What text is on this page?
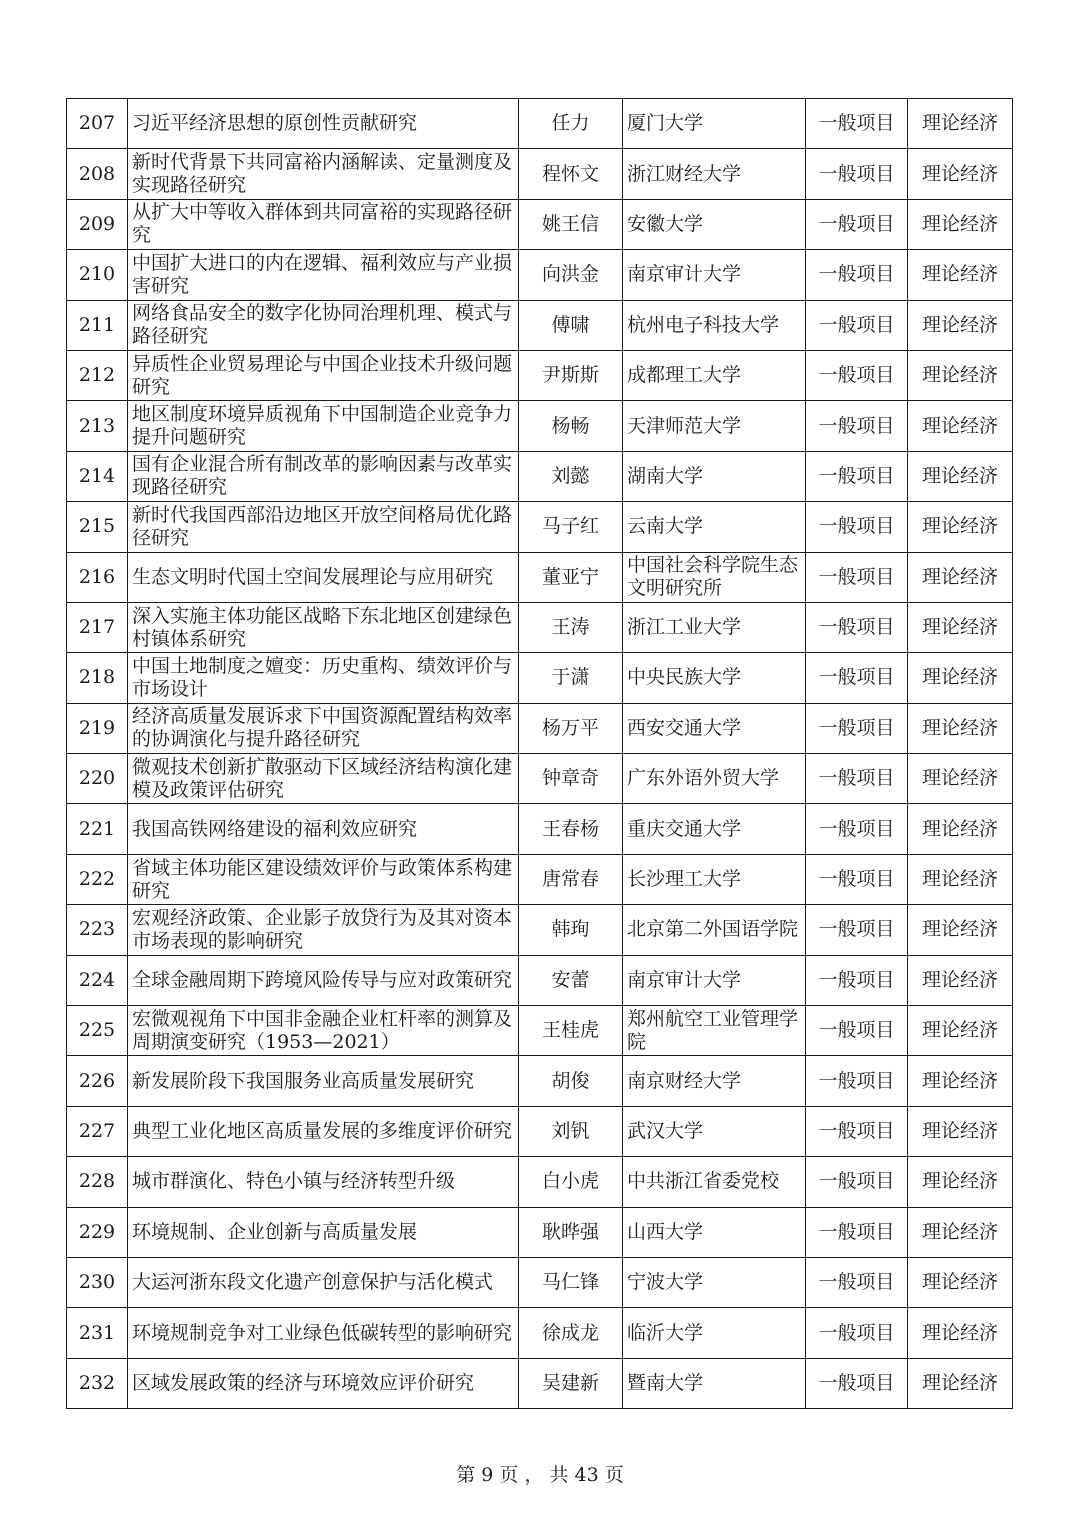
207	习近平经济思想的原创性贡献研究	任力	厦门大学	一般项目	理论经济
208	新时代背景下共同富裕内涵解读、定量测度及实现路径研究	程怀文	浙江财经大学	一般项目	理论经济
209	从扩大中等收入群体到共同富裕的实现路径研究	姚王信	安徽大学	一般项目	理论经济
210	中国扩大进口的内在逻辑、福利效应与产业损害研究	向洪金	南京审计大学	一般项目	理论经济
211	网络食品安全的数字化协同治理机理、模式与路径研究	傅啸	杭州电子科技大学	一般项目	理论经济
212	异质性企业贸易理论与中国企业技术升级问题研究	尹斯斯	成都理工大学	一般项目	理论经济
213	地区制度环境异质视角下中国制造企业竞争力提升问题研究	杨畅	天津师范大学	一般项目	理论经济
214	国有企业混合所有制改革的影响因素与改革实现路径研究	刘懿	湖南大学	一般项目	理论经济
215	新时代我国西部沿边地区开放空间格局优化路径研究	马子红	云南大学	一般项目	理论经济
216	生态文明时代国土空间发展理论与应用研究	董亚宁	中国社会科学院生态文明研究所	一般项目	理论经济
217	深入实施主体功能区战略下东北地区创建绿色村镇体系研究	王涛	浙江工业大学	一般项目	理论经济
218	中国土地制度之嬗变：历史重构、绩效评价与市场设计	于潇	中央民族大学	一般项目	理论经济
219	经济高质量发展诉求下中国资源配置结构效率的协调演化与提升路径研究	杨万平	西安交通大学	一般项目	理论经济
220	微观技术创新扩散驱动下区域经济结构演化建模及政策评估研究	钟章奇	广东外语外贸大学	一般项目	理论经济
221	我国高铁网络建设的福利效应研究	王春杨	重庆交通大学	一般项目	理论经济
222	省域主体功能区建设绩效评价与政策体系构建研究	唐常春	长沙理工大学	一般项目	理论经济
223	宏观经济政策、企业影子放贷行为及其对资本市场表现的影响研究	韩珣	北京第二外国语学院	一般项目	理论经济
224	全球金融周期下跨境风险传导与应对政策研究	安蕾	南京审计大学	一般项目	理论经济
225	宏微观视角下中国非金融企业杠杆率的测算及周期演变研究（1953—2021）	王桂虎	郑州航空工业管理学院	一般项目	理论经济
226	新发展阶段下我国服务业高质量发展研究	胡俊	南京财经大学	一般项目	理论经济
227	典型工业化地区高质量发展的多维度评价研究	刘钒	武汉大学	一般项目	理论经济
228	城市群演化、特色小镇与经济转型升级	白小虎	中共浙江省委党校	一般项目	理论经济
229	环境规制、企业创新与高质量发展	耿晔强	山西大学	一般项目	理论经济
230	大运河浙东段文化遗产创意保护与活化模式	马仁锋	宁波大学	一般项目	理论经济
231	环境规制竞争对工业绿色低碳转型的影响研究	徐成龙	临沂大学	一般项目	理论经济
232	区域发展政策的经济与环境效应评价研究	吴建新	暨南大学	一般项目	理论经济
第 9 页 ， 共 43 页
